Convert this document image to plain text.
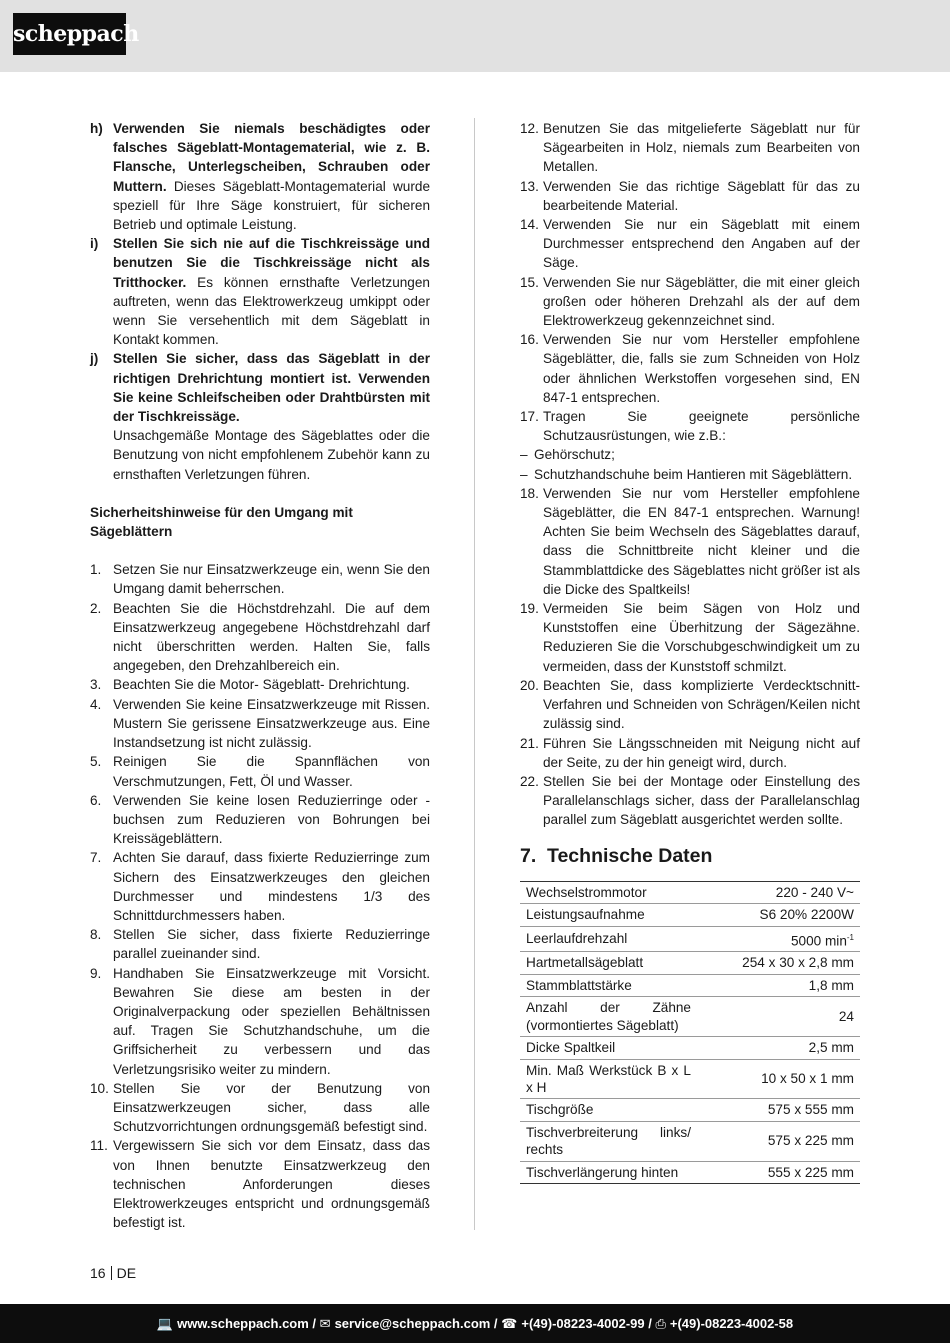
scheppach
h) Verwenden Sie niemals beschädigtes oder falsches Sägeblatt-Montagematerial, wie z. B. Flansche, Unterlegscheiben, Schrauben oder Muttern. Dieses Sägeblatt-Montagematerial wurde speziell für Ihre Säge konstruiert, für sicheren Betrieb und optimale Leistung.
i)	Stellen Sie sich nie auf die Tischkreissäge und benutzen Sie die Tischkreissäge nicht als Tritthocker. Es können ernsthafte Verletzungen auftreten, wenn das Elektrowerkzeug umkippt oder wenn Sie versehentlich mit dem Sägeblatt in Kontakt kommen.
j)	Stellen Sie sicher, dass das Sägeblatt in der richtigen Drehrichtung montiert ist. Verwenden Sie keine Schleifscheiben oder Drahtbürsten mit der Tischkreissäge.
Unsachgemäße Montage des Sägeblattes oder die Benutzung von nicht empfohlenem Zubehör kann zu ernsthaften Verletzungen führen.
Sicherheitshinweise für den Umgang mit Sägeblättern
1. Setzen Sie nur Einsatzwerkzeuge ein, wenn Sie den Umgang damit beherrschen.
2. Beachten Sie die Höchstdrehzahl. Die auf dem Einsatzwerkzeug angegebene Höchstdrehzahl darf nicht überschritten werden. Halten Sie, falls angegeben, den Drehzahlbereich ein.
3. Beachten Sie die Motor- Sägeblatt- Drehrichtung.
4. Verwenden Sie keine Einsatzwerkzeuge mit Rissen. Mustern Sie gerissene Einsatzwerkzeuge aus. Eine Instandsetzung ist nicht zulässig.
5. Reinigen Sie die Spannflächen von Verschmutzungen, Fett, Öl und Wasser.
6. Verwenden Sie keine losen Reduzierringe oder -buchsen zum Reduzieren von Bohrungen bei Kreissägeblättern.
7. Achten Sie darauf, dass fixierte Reduzierringe zum Sichern des Einsatzwerkzeuges den gleichen Durchmesser und mindestens 1/3 des Schnittdurchmessers haben.
8. Stellen Sie sicher, dass fixierte Reduzierringe parallel zueinander sind.
9. Handhaben Sie Einsatzwerkzeuge mit Vorsicht. Bewahren Sie diese am besten in der Originalverpackung oder speziellen Behältnissen auf. Tragen Sie Schutzhandschuhe, um die Griffsicherheit zu verbessern und das Verletzungsrisiko weiter zu mindern.
10. Stellen Sie vor der Benutzung von Einsatzwerkzeugen sicher, dass alle Schutzvorrichtungen ordnungsgemäß befestigt sind.
11. Vergewissern Sie sich vor dem Einsatz, dass das von Ihnen benutzte Einsatzwerkzeug den technischen Anforderungen dieses Elektrowerkzeuges entspricht und ordnungsgemäß befestigt ist.
12. Benutzen Sie das mitgelieferte Sägeblatt nur für Sägearbeiten in Holz, niemals zum Bearbeiten von Metallen.
13. Verwenden Sie das richtige Sägeblatt für das zu bearbeitende Material.
14. Verwenden Sie nur ein Sägeblatt mit einem Durchmesser entsprechend den Angaben auf der Säge.
15. Verwenden Sie nur Sägeblätter, die mit einer gleich großen oder höheren Drehzahl als der auf dem Elektrowerkzeug gekennzeichnet sind.
16. Verwenden Sie nur vom Hersteller empfohlene Sägeblätter, die, falls sie zum Schneiden von Holz oder ähnlichen Werkstoffen vorgesehen sind, EN 847-1 entsprechen.
17. Tragen Sie geeignete persönliche Schutzausrüstungen, wie z.B.:
– Gehörschutz;
– Schutzhandschuhe beim Hantieren mit Sägeblättern.
18. Verwenden Sie nur vom Hersteller empfohlene Sägeblätter, die EN 847-1 entsprechen. Warnung! Achten Sie beim Wechseln des Sägeblattes darauf, dass die Schnittbreite nicht kleiner und die Stammblattdicke des Sägeblattes nicht größer ist als die Dicke des Spaltkeils!
19. Vermeiden Sie beim Sägen von Holz und Kunststoffen eine Überhitzung der Sägezähne. Reduzieren Sie die Vorschubgeschwindigkeit um zu vermeiden, dass der Kunststoff schmilzt.
20. Beachten Sie, dass komplizierte Verdecktschnitt-Verfahren und Schneiden von Schrägen/Keilen nicht zulässig sind.
21. Führen Sie Längsschneiden mit Neigung nicht auf der Seite, zu der hin geneigt wird, durch.
22. Stellen Sie bei der Montage oder Einstellung des Parallelanschlags sicher, dass der Parallelanschlag parallel zum Sägeblatt ausgerichtet werden sollte.
7. Technische Daten
Wechselstrommotor	220 - 240 V~
Leistungsaufnahme	S6 20% 2200W
Leerlaufdrehzahl	5000 $\min^{-1}$
Hartmetallsägeblatt	254 x 30 x 2,8 mm
Stammblattstärke	1,8 mm
Anzahl der Zähne (vormontiertes Sägeblatt)	24
Dicke Spaltkeil	2,5 mm
Min. Maß Werkstück B x L x H	10 x 50 x 1 mm
Tischgröße	575 x 555 mm
Tischverbreiterung links/ rechts	575 x 225 mm
Tischverlängerung hinten	555 x 225 mm
16 DE
💻 www.scheppach.com / ✉ service@scheppach.com / ☎ +(49)-08223-4002-99 / ⎙ +(49)-08223-4002-58
